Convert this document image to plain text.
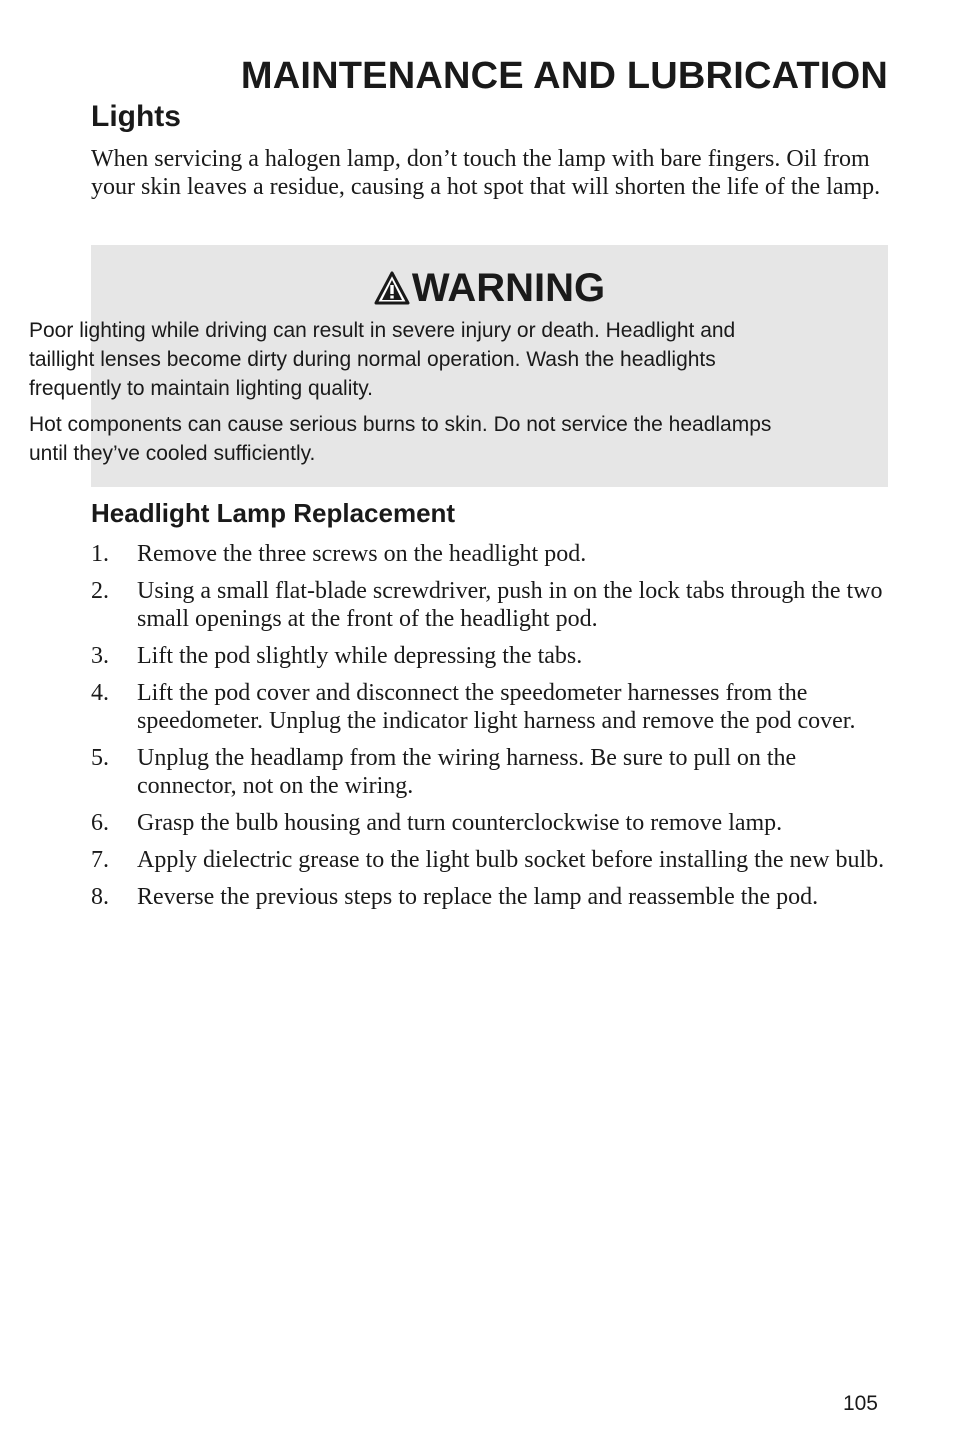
MAINTENANCE AND LUBRICATION
Lights

When servicing a halogen lamp, don’t touch the lamp with bare fingers. Oil from your skin leaves a residue, causing a hot spot that will shorten the life of the lamp.

WARNING

Poor lighting while driving can result in severe injury or death. Headlight and taillight lenses become dirty during normal operation. Wash the headlights frequently to maintain lighting quality.

Hot components can cause serious burns to skin. Do not service the headlamps until they’ve cooled sufficiently.

Headlight Lamp Replacement
1. Remove the three screws on the headlight pod.
2. Using a small flat-blade screwdriver, push in on the lock tabs through the two small openings at the front of the headlight pod.
3. Lift the pod slightly while depressing the tabs.
4. Lift the pod cover and disconnect the speedometer harnesses from the speedometer. Unplug the indicator light harness and remove the pod cover.
5. Unplug the headlamp from the wiring harness. Be sure to pull on the connector, not on the wiring.
6. Grasp the bulb housing and turn counterclockwise to remove lamp.
7. Apply dielectric grease to the light bulb socket before installing the new bulb.
8. Reverse the previous steps to replace the lamp and reassemble the pod.
105
